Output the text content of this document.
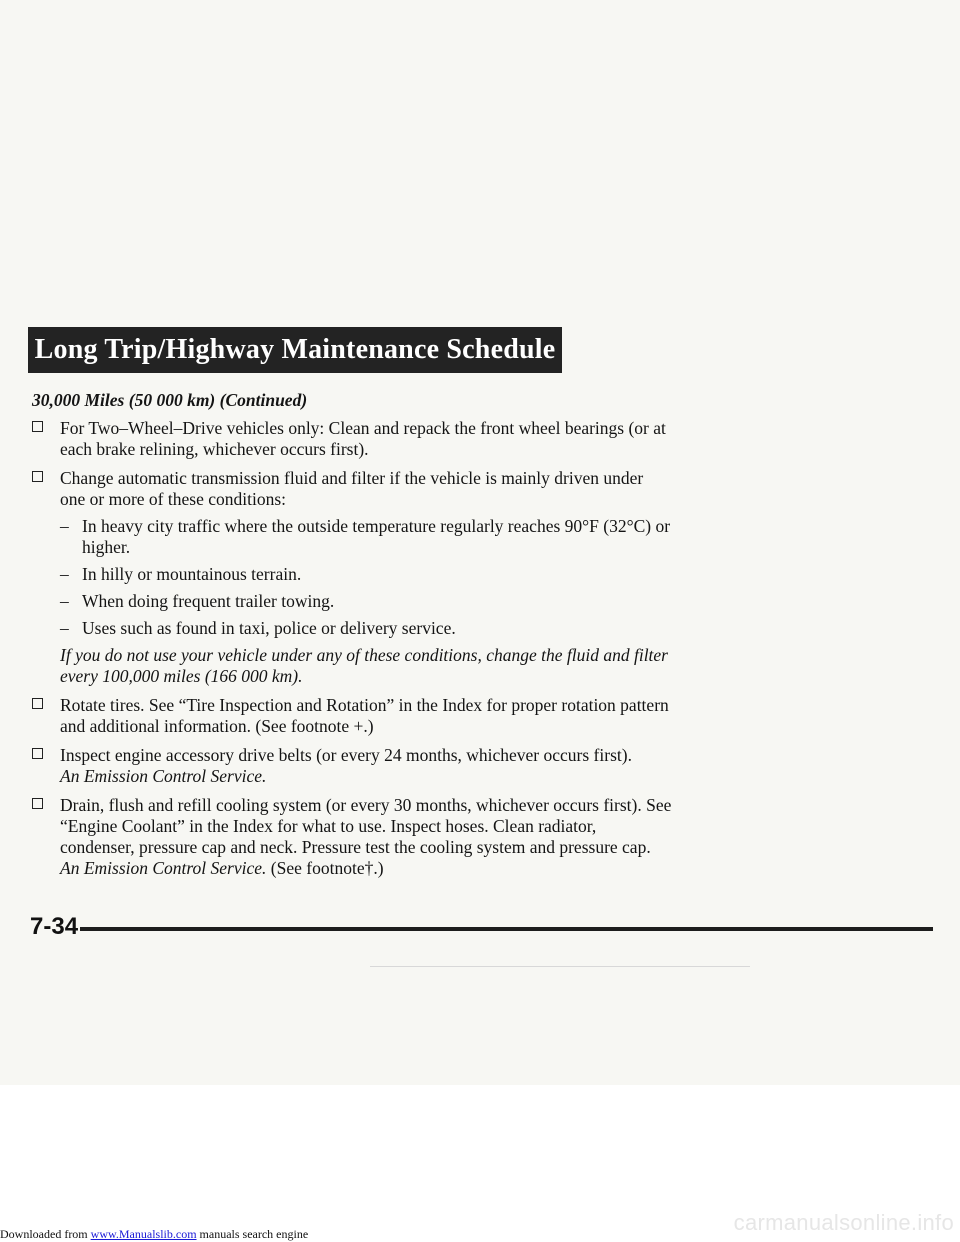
Long Trip/Highway Maintenance Schedule
30,000 Miles (50 000 km) (Continued)
For Two–Wheel–Drive vehicles only: Clean and repack the front wheel bearings (or at each brake relining, whichever occurs first).
Change automatic transmission fluid and filter if the vehicle is mainly driven under one or more of these conditions:
– In heavy city traffic where the outside temperature regularly reaches 90°F (32°C) or higher.
– In hilly or mountainous terrain.
– When doing frequent trailer towing.
– Uses such as found in taxi, police or delivery service.
If you do not use your vehicle under any of these conditions, change the fluid and filter every 100,000 miles (166 000 km).
Rotate tires. See “Tire Inspection and Rotation” in the Index for proper rotation pattern and additional information. (See footnote +.)
Inspect engine accessory drive belts (or every 24 months, whichever occurs first).
An Emission Control Service.
Drain, flush and refill cooling system (or every 30 months, whichever occurs first). See “Engine Coolant” in the Index for what to use. Inspect hoses. Clean radiator, condenser, pressure cap and neck. Pressure test the cooling system and pressure cap.
An Emission Control Service. (See footnote†.)
7-34
carmanualsonline.info
Downloaded from www.Manualslib.com manuals search engine
